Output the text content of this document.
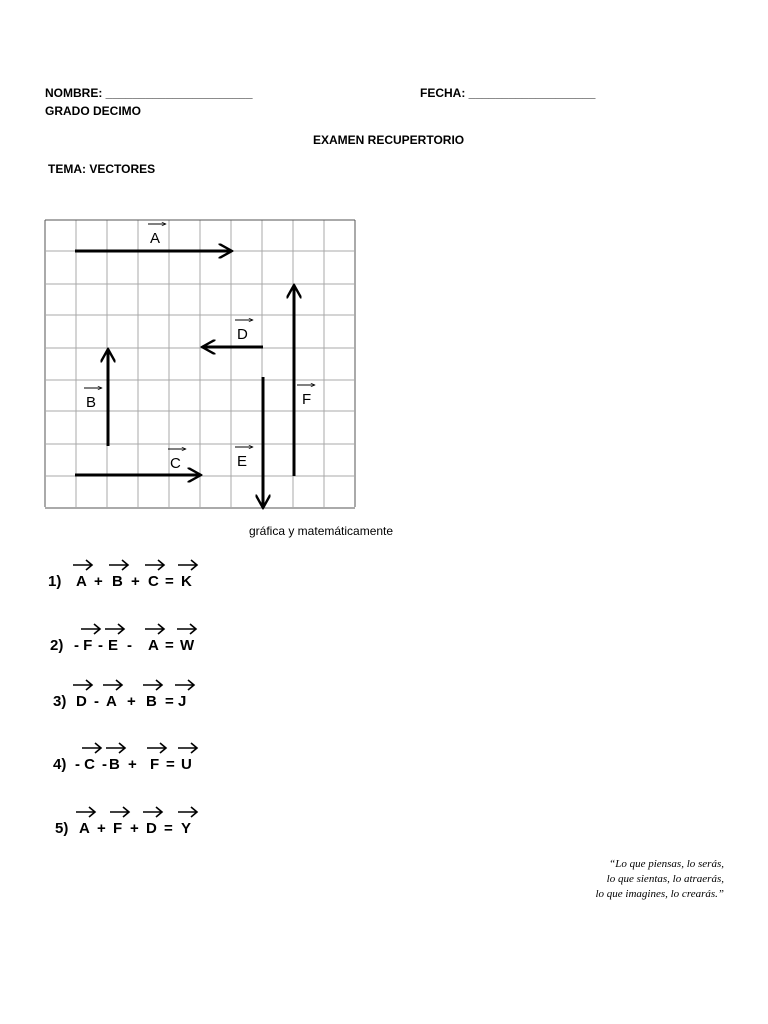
NOMBRE: ______________________	FECHA: ___________________
GRADO DECIMO
EXAMEN RECUPERTORIO
TEMA: VECTORES
A
B
C
D
E
F
gráfica y matemáticamente
1) A + B + C = K
2) - F - E - A = W
3) D - A + B = J
4) - C - B + F = U
5) A + F + D = Y
“Lo que piensas, lo serás,
lo que sientas, lo atraerás,
lo que imagines, lo crearás.”
